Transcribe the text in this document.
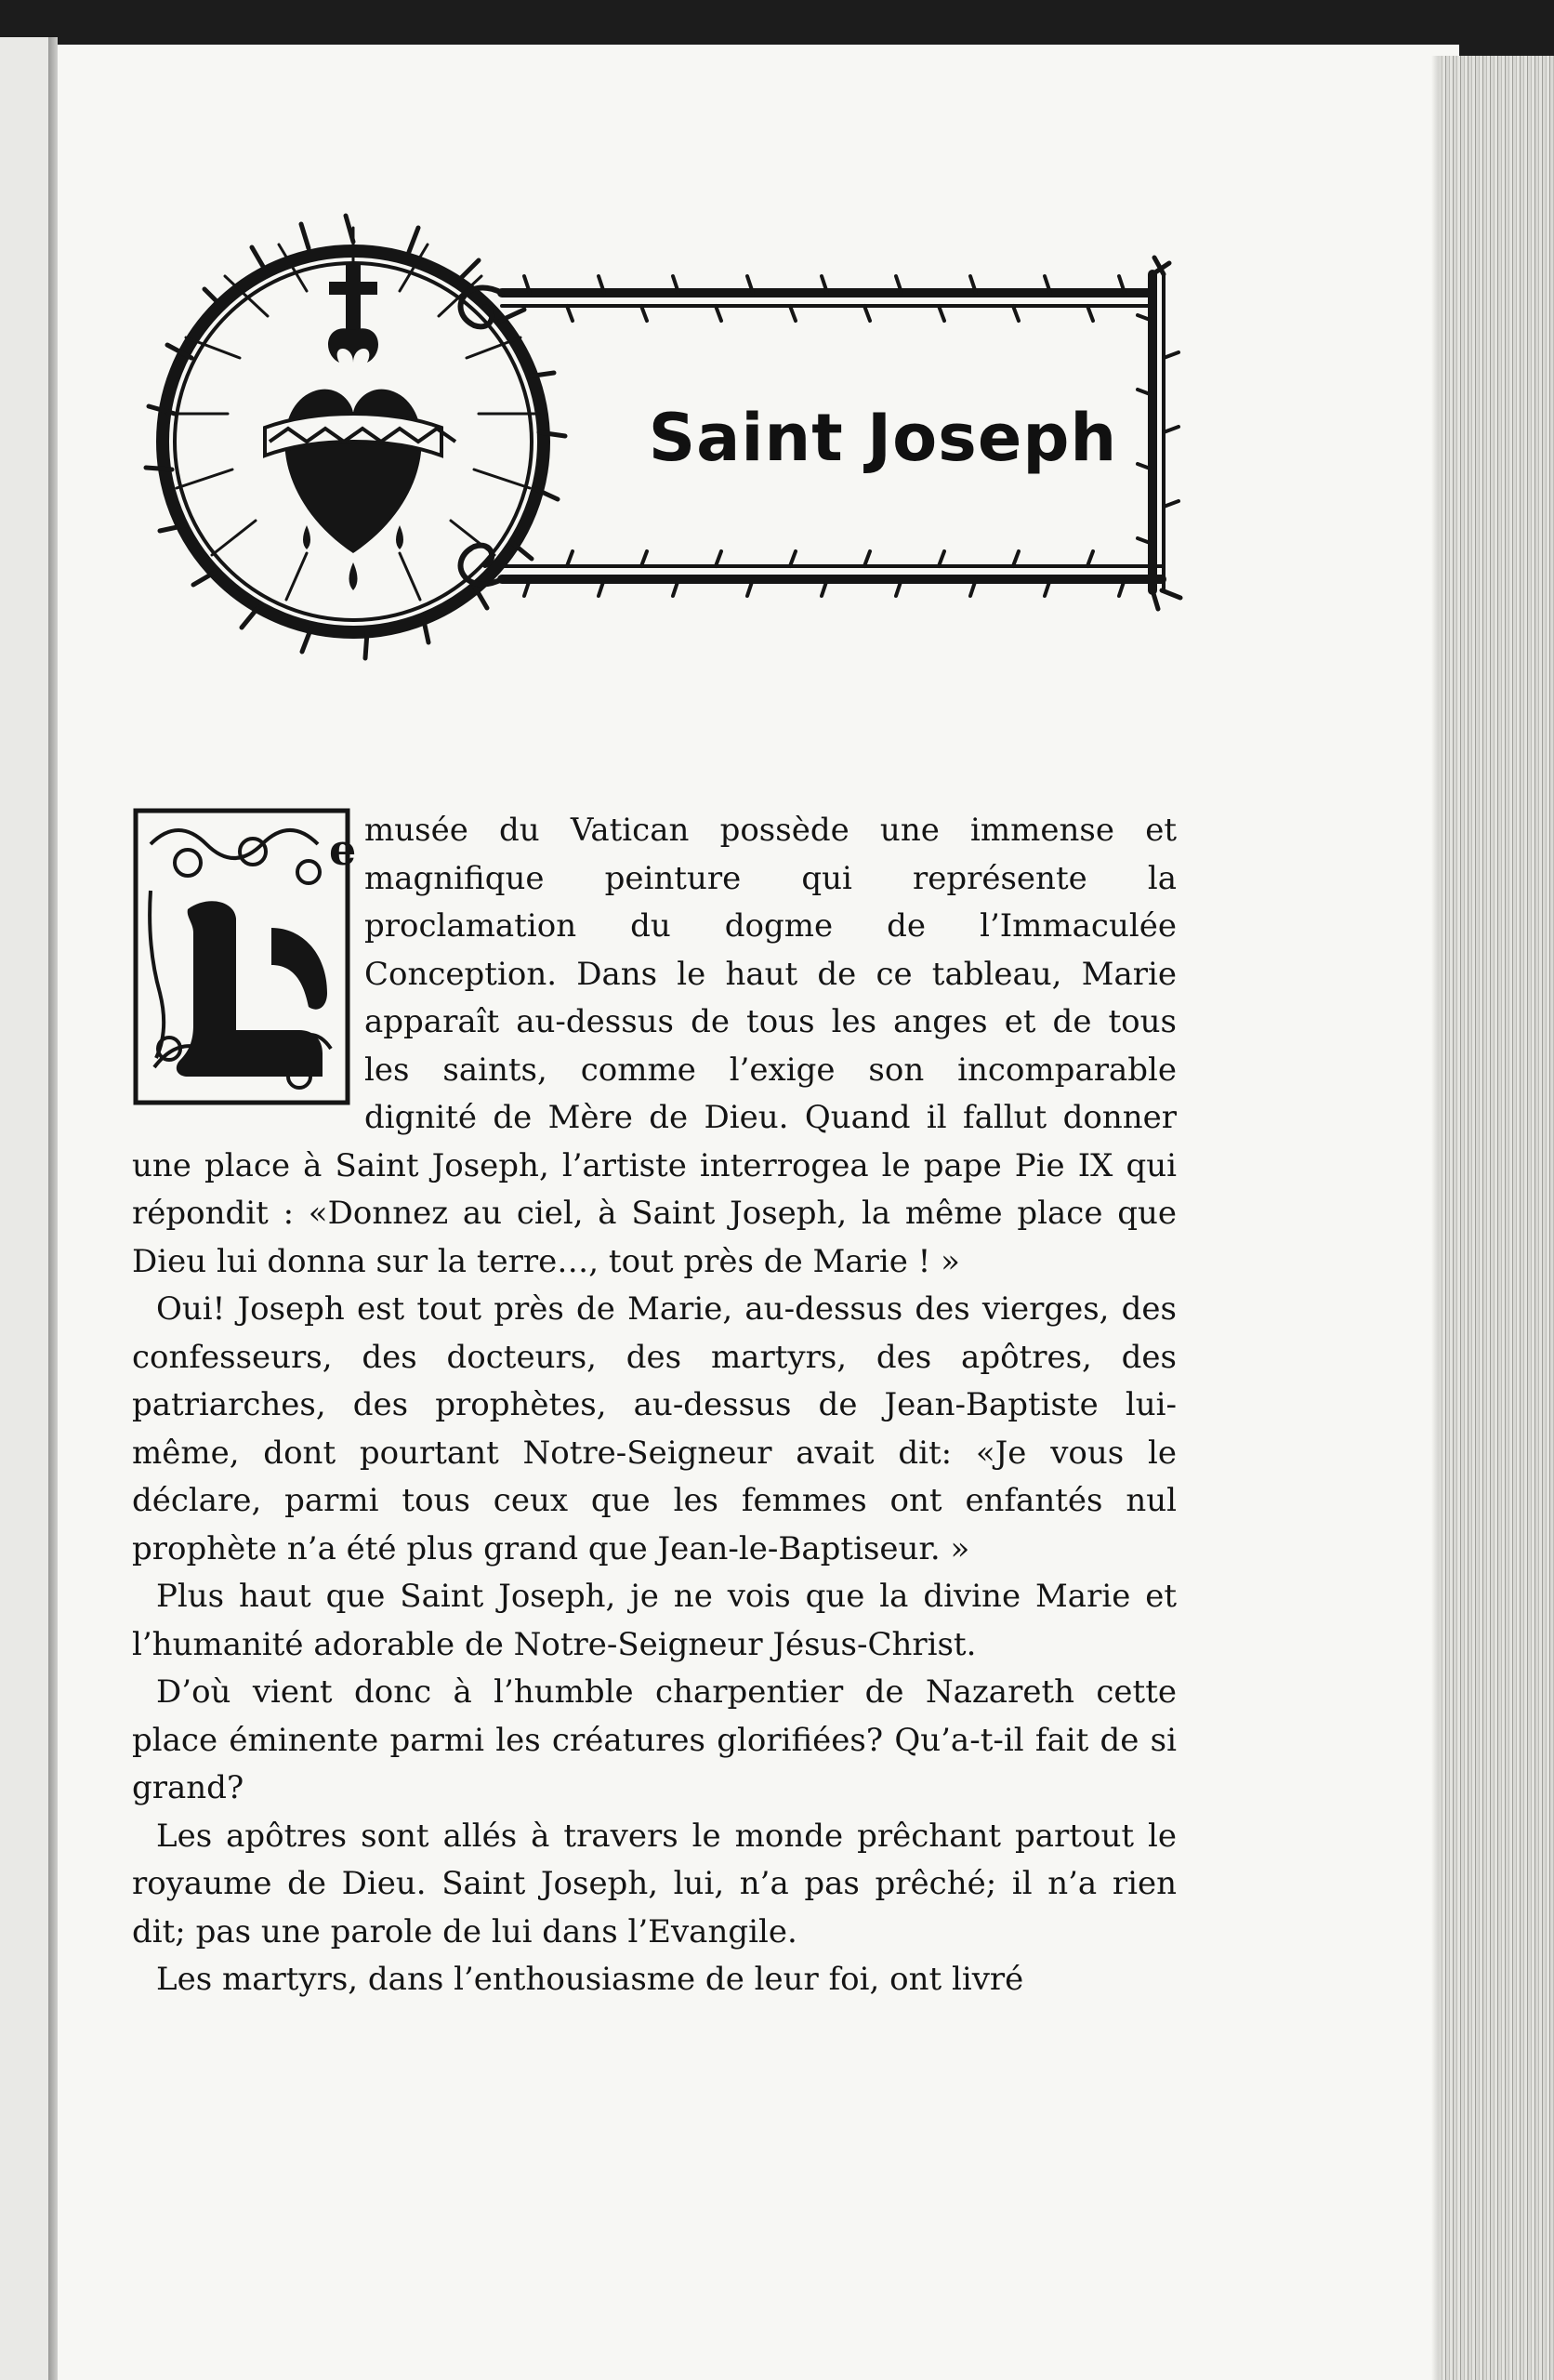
Saint Joseph

e musée du Vatican possède une immense et magnifique peinture qui représente la proclamation du dogme de l’Immaculée Conception. Dans le haut de ce tableau, Marie apparaît au-dessus de tous les anges et de tous les saints, comme l’exige son incomparable dignité de Mère de Dieu. Quand il fallut donner une place à Saint Joseph, l’artiste interrogea le pape Pie IX qui répondit : «Donnez au ciel, à Saint Joseph, la même place que Dieu lui donna sur la terre…, tout près de Marie ! »

Oui! Joseph est tout près de Marie, au-dessus des vierges, des confesseurs, des docteurs, des martyrs, des apôtres, des patriarches, des prophètes, au-dessus de Jean-Baptiste lui-même, dont pourtant Notre-Seigneur avait dit: «Je vous le déclare, parmi tous ceux que les femmes ont enfantés nul prophète n’a été plus grand que Jean-le-Baptiseur. »

Plus haut que Saint Joseph, je ne vois que la divine Marie et l’humanité adorable de Notre-Seigneur Jésus-Christ.

D’où vient donc à l’humble charpentier de Nazareth cette place éminente parmi les créatures glorifiées? Qu’a-t-il fait de si grand?

Les apôtres sont allés à travers le monde prêchant partout le royaume de Dieu. Saint Joseph, lui, n’a pas prêché; il n’a rien dit; pas une parole de lui dans l’Evangile.

Les martyrs, dans l’enthousiasme de leur foi, ont livré
